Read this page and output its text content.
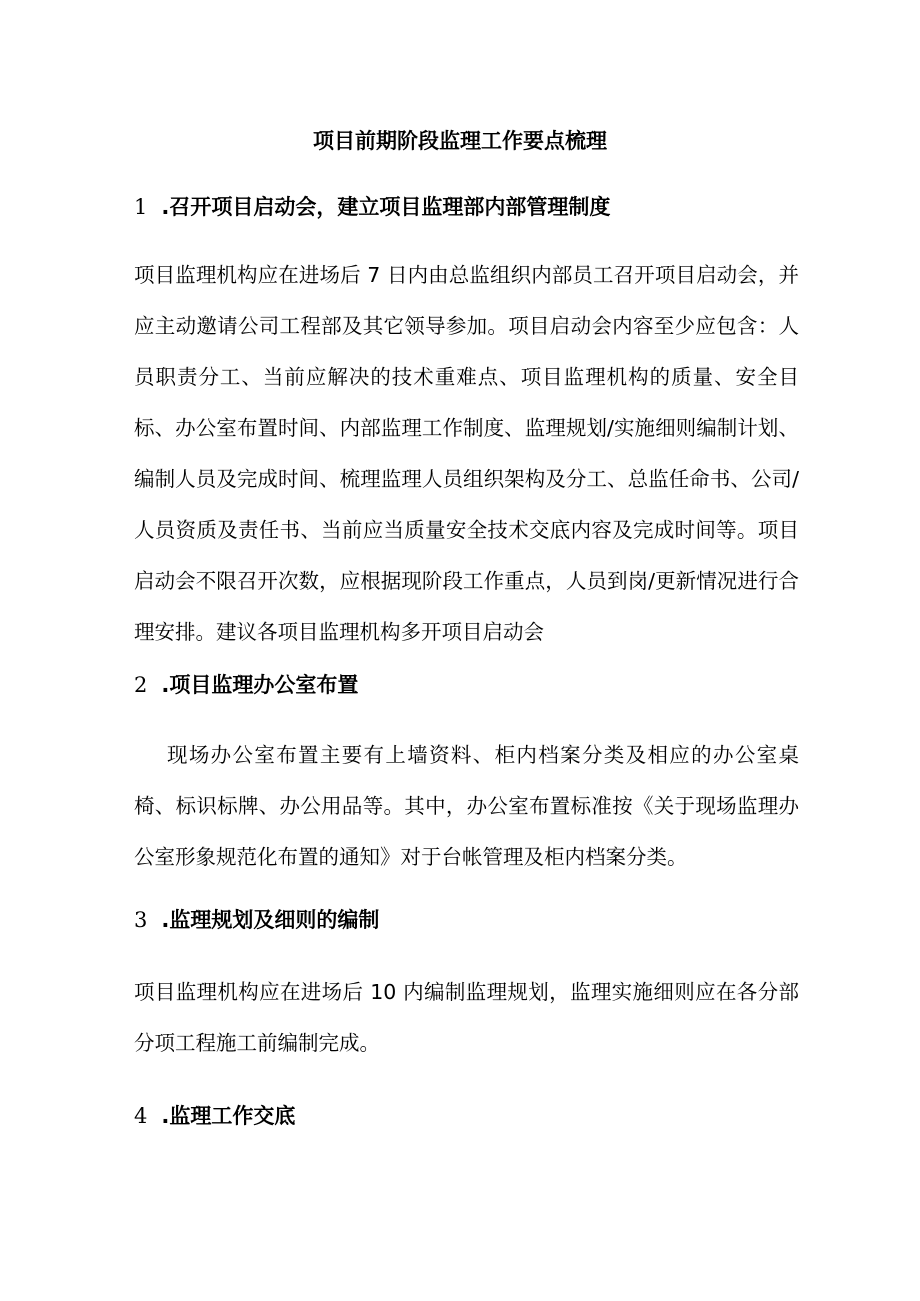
项目前期阶段监理工作要点梳理
1 .召开项目启动会，建立项目监理部内部管理制度

项目监理机构应在进场后 7 日内由总监组织内部员工召开项目启动会，并应主动邀请公司工程部及其它领导参加。项目启动会内容至少应包含：人员职责分工、当前应解决的技术重难点、项目监理机构的质量、安全目标、办公室布置时间、内部监理工作制度、监理规划/实施细则编制计划、编制人员及完成时间、梳理监理人员组织架构及分工、总监任命书、公司/人员资质及责任书、当前应当质量安全技术交底内容及完成时间等。项目启动会不限召开次数，应根据现阶段工作重点，人员到岗/更新情况进行合理安排。建议各项目监理机构多开项目启动会

2 .项目监理办公室布置

现场办公室布置主要有上墙资料、柜内档案分类及相应的办公室桌椅、标识标牌、办公用品等。其中，办公室布置标准按《关于现场监理办公室形象规范化布置的通知》对于台帐管理及柜内档案分类。

3 .监理规划及细则的编制

项目监理机构应在进场后 10 内编制监理规划，监理实施细则应在各分部分项工程施工前编制完成。

4 .监理工作交底
